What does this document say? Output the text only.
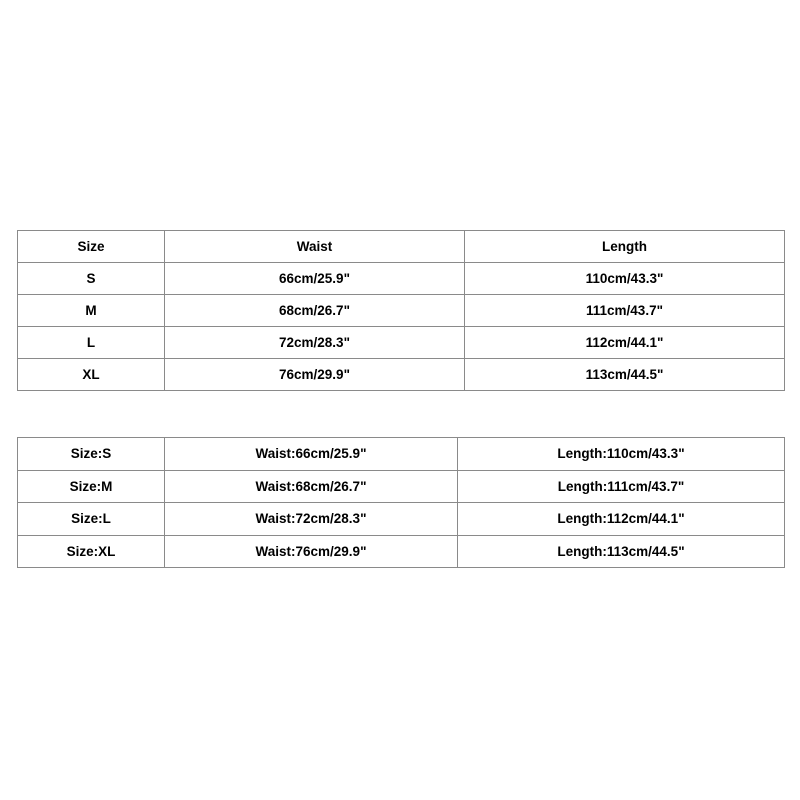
Size	Waist	Length
S	66cm/25.9"	110cm/43.3"
M	68cm/26.7"	111cm/43.7"
L	72cm/28.3"	112cm/44.1"
XL	76cm/29.9"	113cm/44.5"
Size:S	Waist:66cm/25.9"	Length:110cm/43.3"
Size:M	Waist:68cm/26.7"	Length:111cm/43.7"
Size:L	Waist:72cm/28.3"	Length:112cm/44.1"
Size:XL	Waist:76cm/29.9"	Length:113cm/44.5"
